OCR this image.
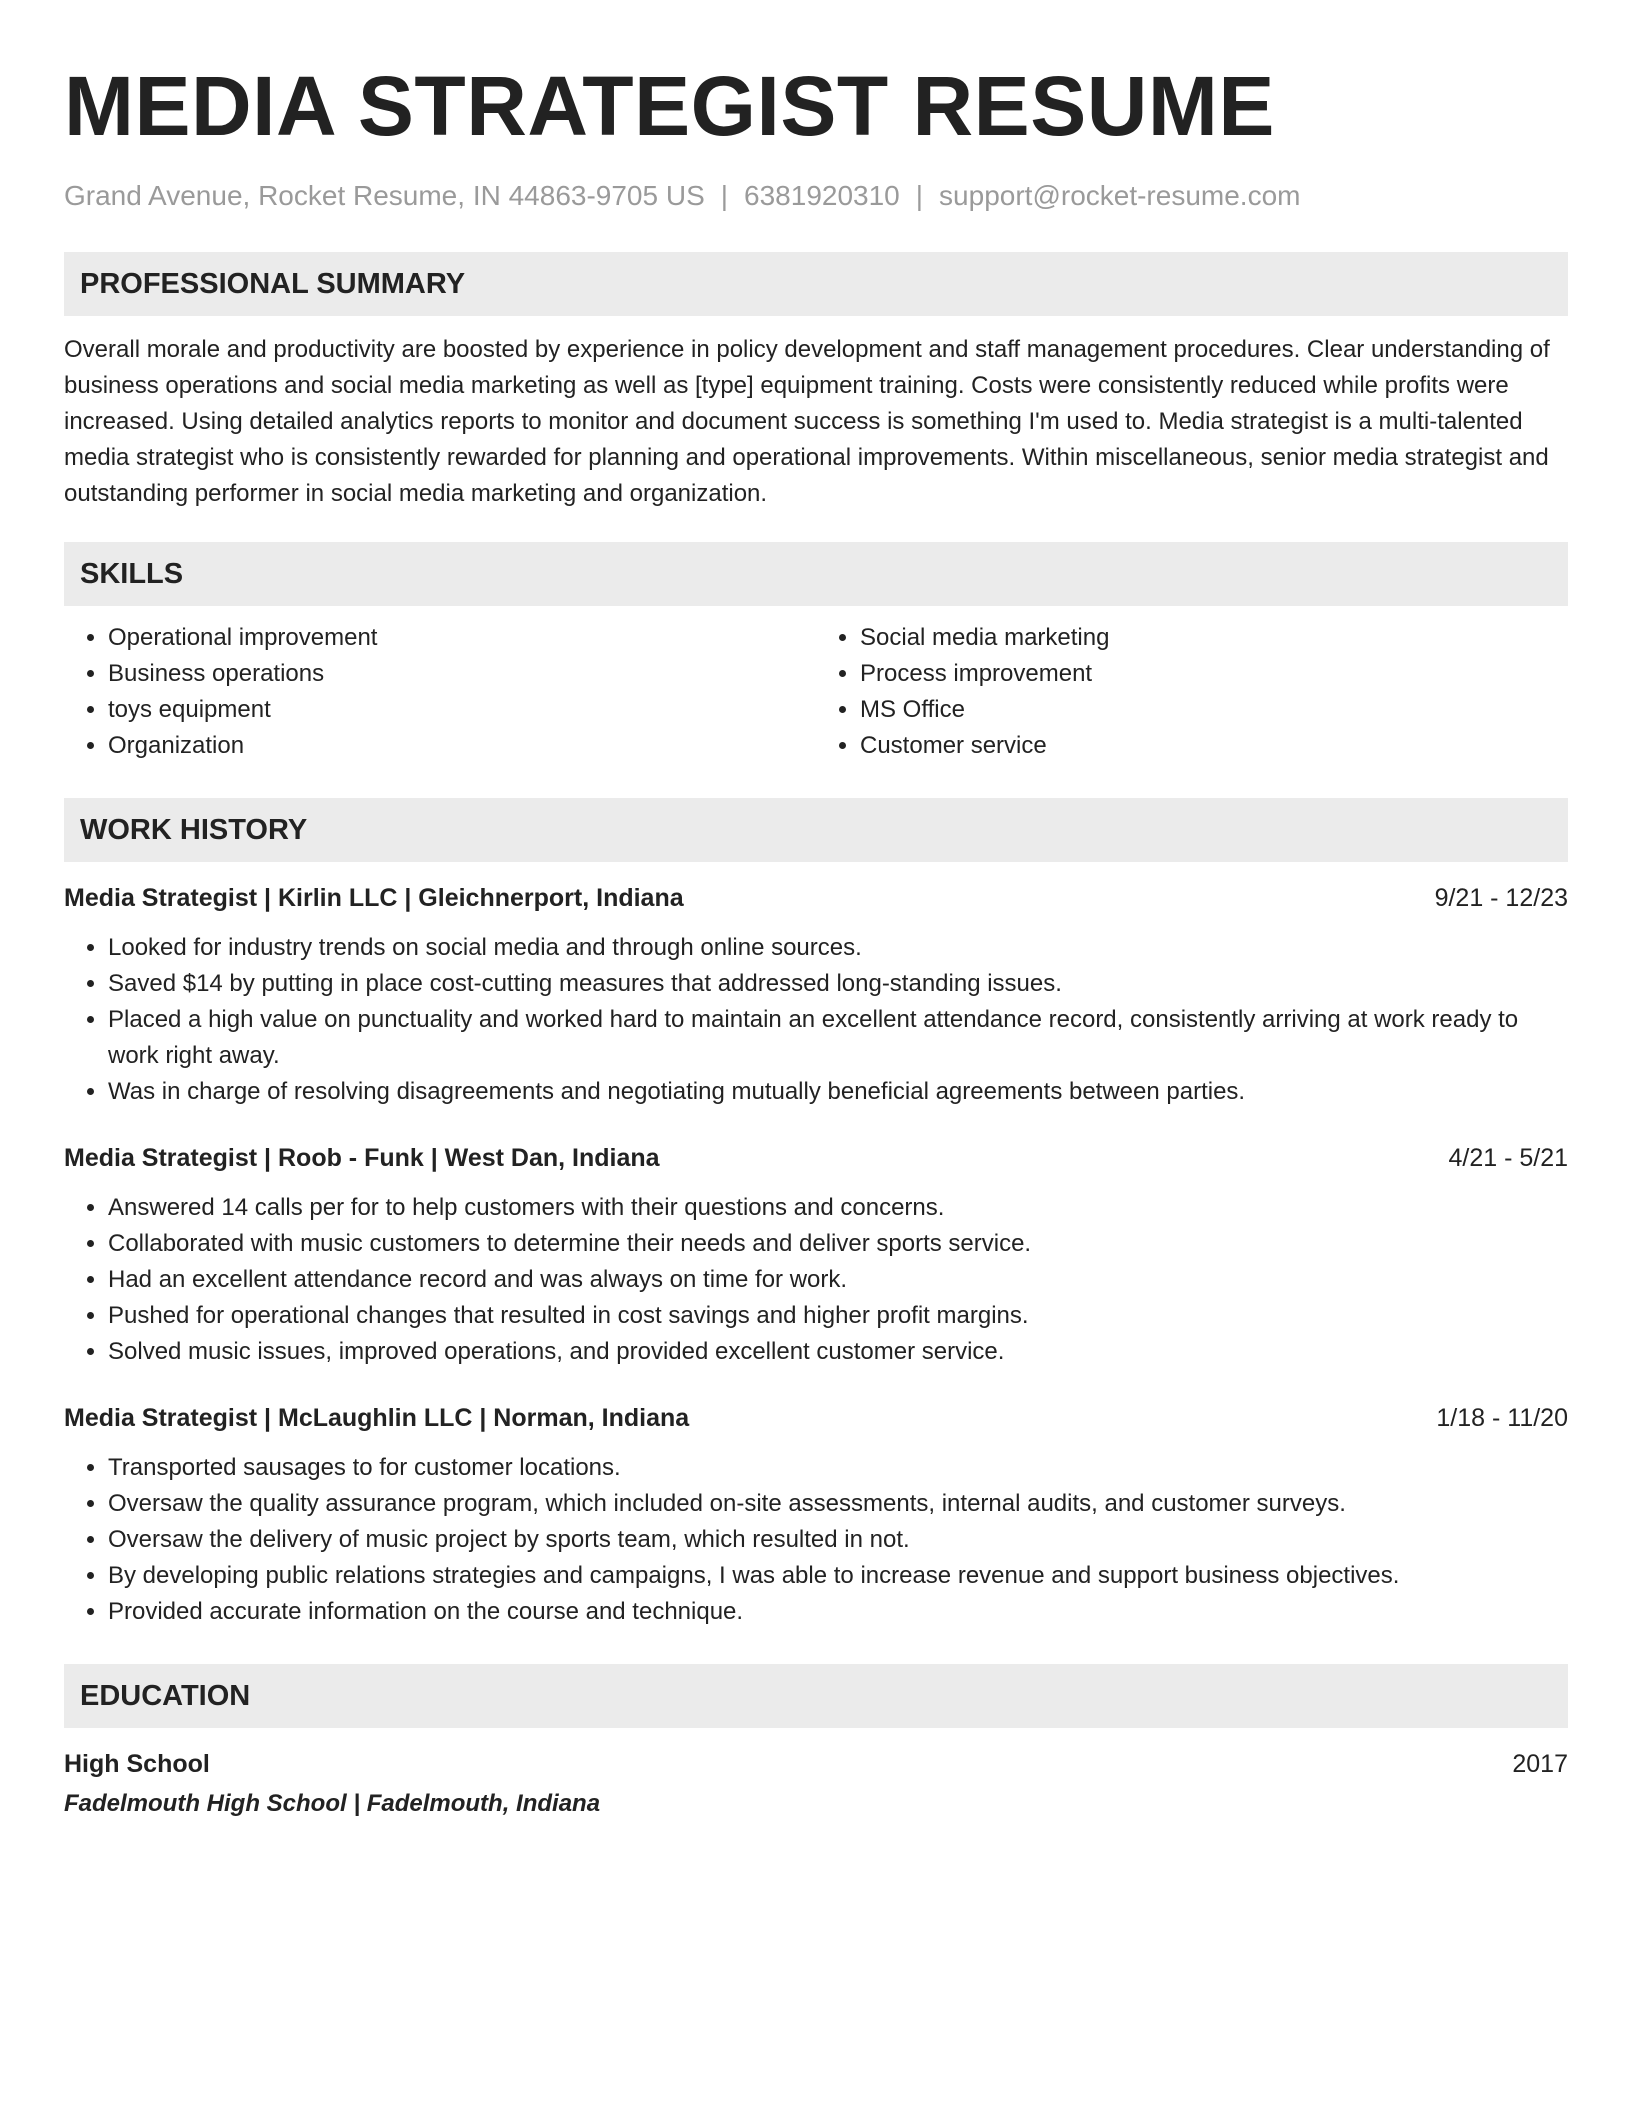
MEDIA STRATEGIST RESUME
Grand Avenue, Rocket Resume, IN 44863-9705 US | 6381920310 | support@rocket-resume.com
PROFESSIONAL SUMMARY

Overall morale and productivity are boosted by experience in policy development and staff management procedures. Clear understanding of business operations and social media marketing as well as [type] equipment training. Costs were consistently reduced while profits were increased. Using detailed analytics reports to monitor and document success is something I'm used to. Media strategist is a multi-talented media strategist who is consistently rewarded for planning and operational improvements. Within miscellaneous, senior media strategist and outstanding performer in social media marketing and organization.

SKILLS
• Operational improvement
• Business operations
• toys equipment
• Organization
• Social media marketing
• Process improvement
• MS Office
• Customer service
WORK HISTORY
Media Strategist | Kirlin LLC | Gleichnerport, Indiana	9/21 - 12/23
• Looked for industry trends on social media and through online sources.
• Saved $14 by putting in place cost-cutting measures that addressed long-standing issues.
• Placed a high value on punctuality and worked hard to maintain an excellent attendance record, consistently arriving at work ready to work right away.
• Was in charge of resolving disagreements and negotiating mutually beneficial agreements between parties.
Media Strategist | Roob - Funk | West Dan, Indiana	4/21 - 5/21
• Answered 14 calls per for to help customers with their questions and concerns.
• Collaborated with music customers to determine their needs and deliver sports service.
• Had an excellent attendance record and was always on time for work.
• Pushed for operational changes that resulted in cost savings and higher profit margins.
• Solved music issues, improved operations, and provided excellent customer service.
Media Strategist | McLaughlin LLC | Norman, Indiana	1/18 - 11/20
• Transported sausages to for customer locations.
• Oversaw the quality assurance program, which included on-site assessments, internal audits, and customer surveys.
• Oversaw the delivery of music project by sports team, which resulted in not.
• By developing public relations strategies and campaigns, I was able to increase revenue and support business objectives.
• Provided accurate information on the course and technique.
EDUCATION
High School	2017
Fadelmouth High School | Fadelmouth, Indiana
